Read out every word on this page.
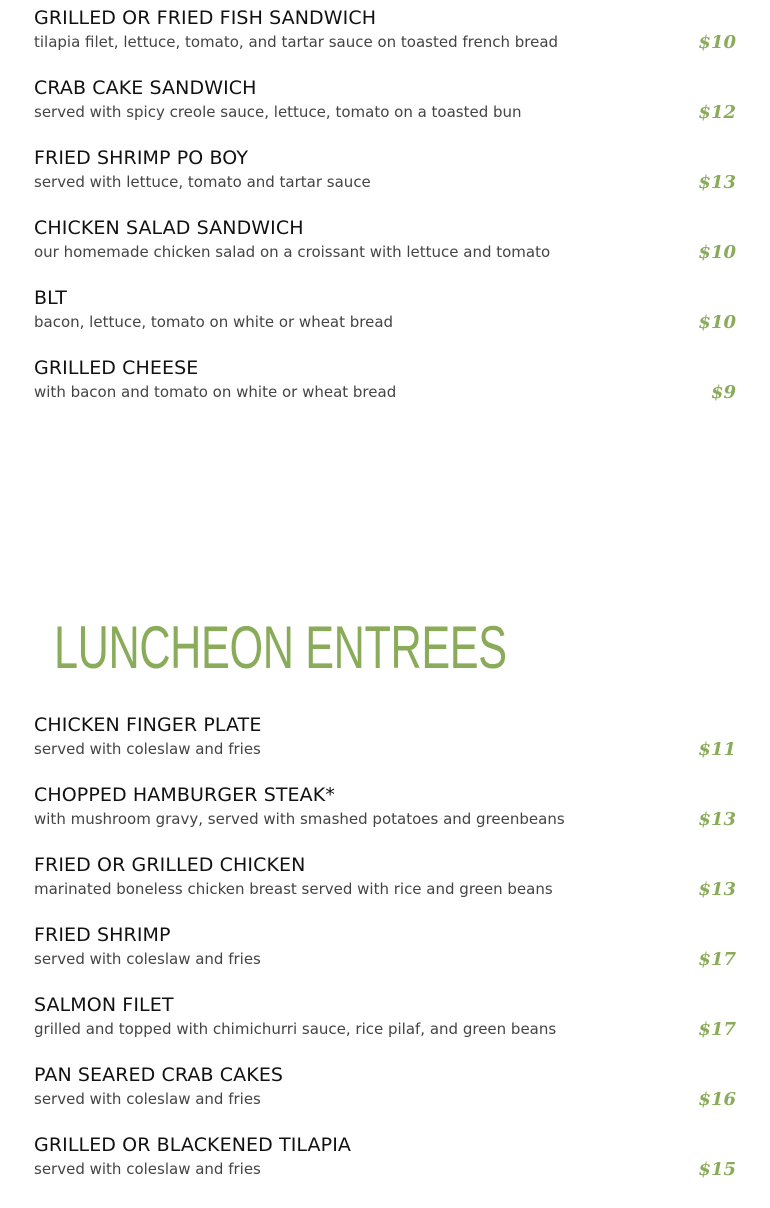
GRILLED OR FRIED FISH SANDWICH
tilapia filet, lettuce, tomato, and tartar sauce on toasted french bread	$10
CRAB CAKE SANDWICH
served with spicy creole sauce, lettuce, tomato on a toasted bun	$12
FRIED SHRIMP PO BOY
served with lettuce, tomato and tartar sauce	$13
CHICKEN SALAD SANDWICH
our homemade chicken salad on a croissant with lettuce and tomato	$10
BLT
bacon, lettuce, tomato on white or wheat bread	$10
GRILLED CHEESE
with bacon and tomato on white or wheat bread	$9
LUNCHEON ENTREES
CHICKEN FINGER PLATE
served with coleslaw and fries	$11
CHOPPED HAMBURGER STEAK*
with mushroom gravy, served with smashed potatoes and greenbeans	$13
FRIED OR GRILLED CHICKEN
marinated boneless chicken breast served with rice and green beans	$13
FRIED SHRIMP
served with coleslaw and fries	$17
SALMON FILET
grilled and topped with chimichurri sauce, rice pilaf, and green beans	$17
PAN SEARED CRAB CAKES
served with coleslaw and fries	$16
GRILLED OR BLACKENED TILAPIA
served with coleslaw and fries	$15
